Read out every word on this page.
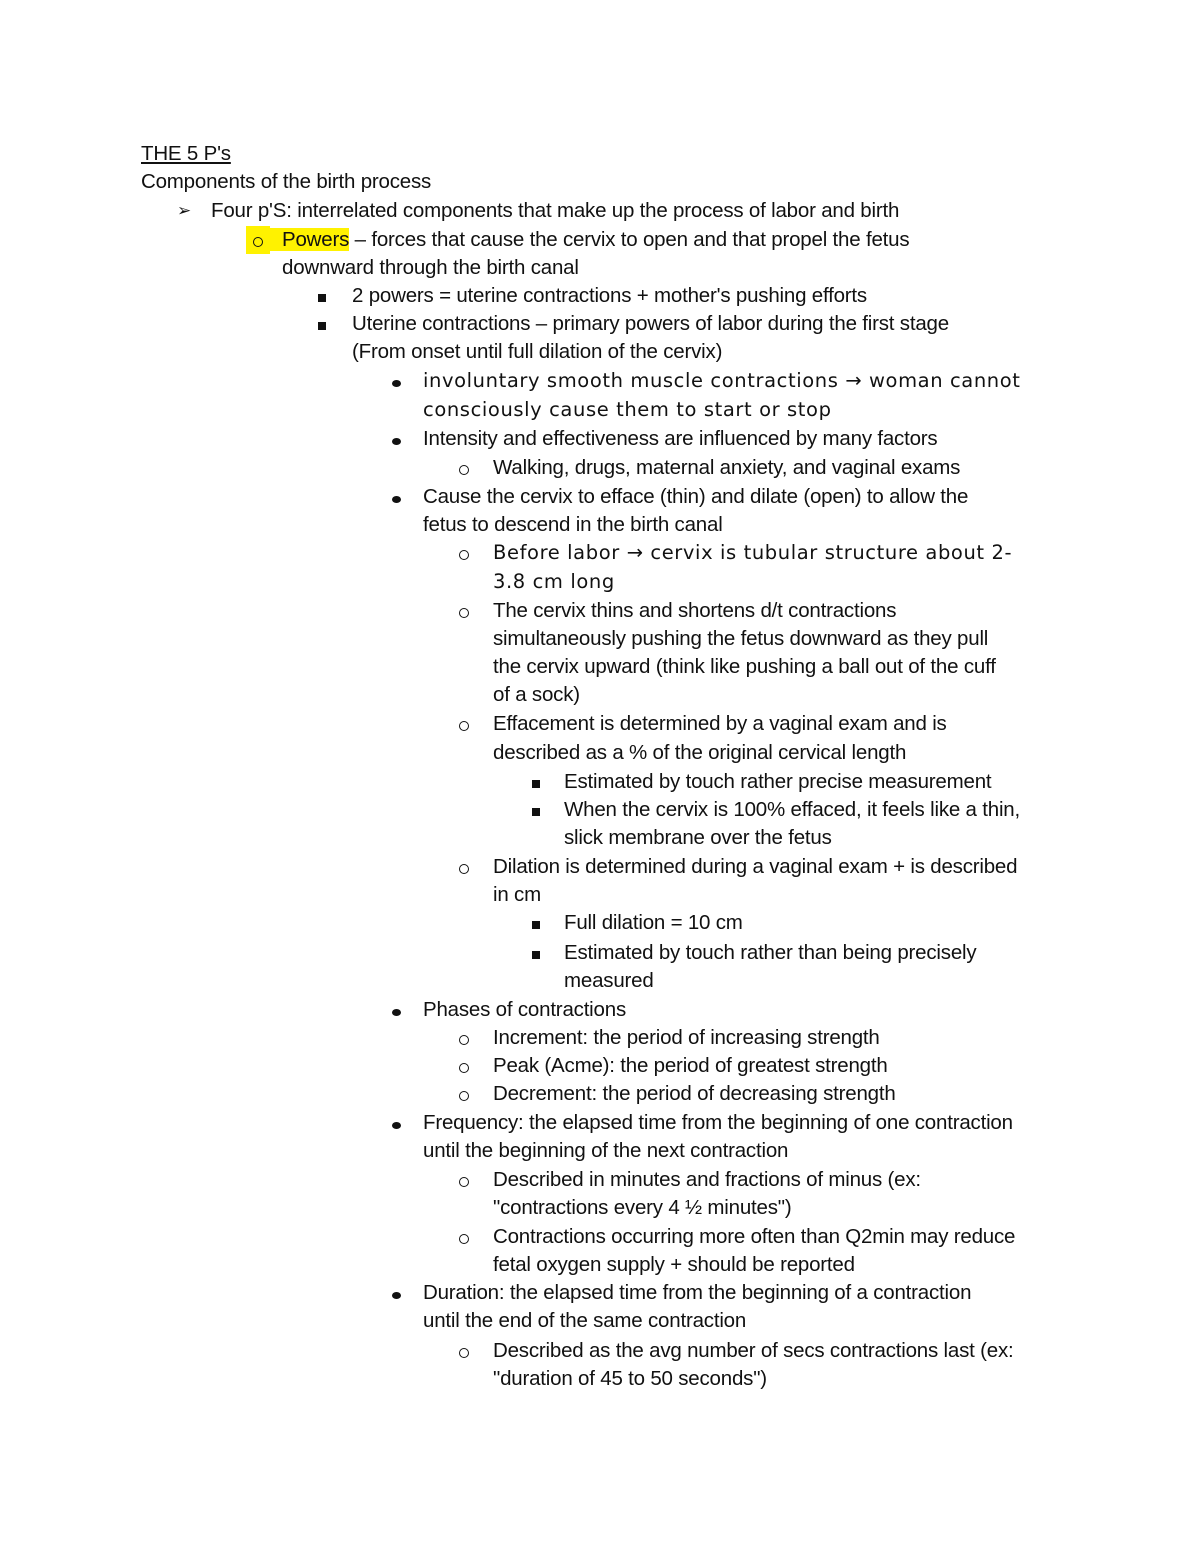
THE 5 P's
Components of the birth process
➢ Four p'S: interrelated components that make up the process of labor and birth
Powers – forces that cause the cervix to open and that propel the fetus
downward through the birth canal
2 powers = uterine contractions + mother's pushing efforts
Uterine contractions – primary powers of labor during the first stage
(From onset until full dilation of the cervix)
involuntary smooth muscle contractions → woman cannot
consciously cause them to start or stop
Intensity and effectiveness are influenced by many factors
Walking, drugs, maternal anxiety, and vaginal exams
Cause the cervix to efface (thin) and dilate (open) to allow the
fetus to descend in the birth canal
Before labor → cervix is tubular structure about 2-
3.8 cm long
The cervix thins and shortens d/t contractions
simultaneously pushing the fetus downward as they pull
the cervix upward (think like pushing a ball out of the cuff
of a sock)
Effacement is determined by a vaginal exam and is
described as a % of the original cervical length
Estimated by touch rather precise measurement
When the cervix is 100% effaced, it feels like a thin,
slick membrane over the fetus
Dilation is determined during a vaginal exam + is described
in cm
Full dilation = 10 cm
Estimated by touch rather than being precisely
measured
Phases of contractions
Increment: the period of increasing strength
Peak (Acme): the period of greatest strength
Decrement: the period of decreasing strength
Frequency: the elapsed time from the beginning of one contraction
until the beginning of the next contraction
Described in minutes and fractions of minus (ex:
"contractions every 4 ½ minutes")
Contractions occurring more often than Q2min may reduce
fetal oxygen supply + should be reported
Duration: the elapsed time from the beginning of a contraction
until the end of the same contraction
Described as the avg number of secs contractions last (ex:
"duration of 45 to 50 seconds")
